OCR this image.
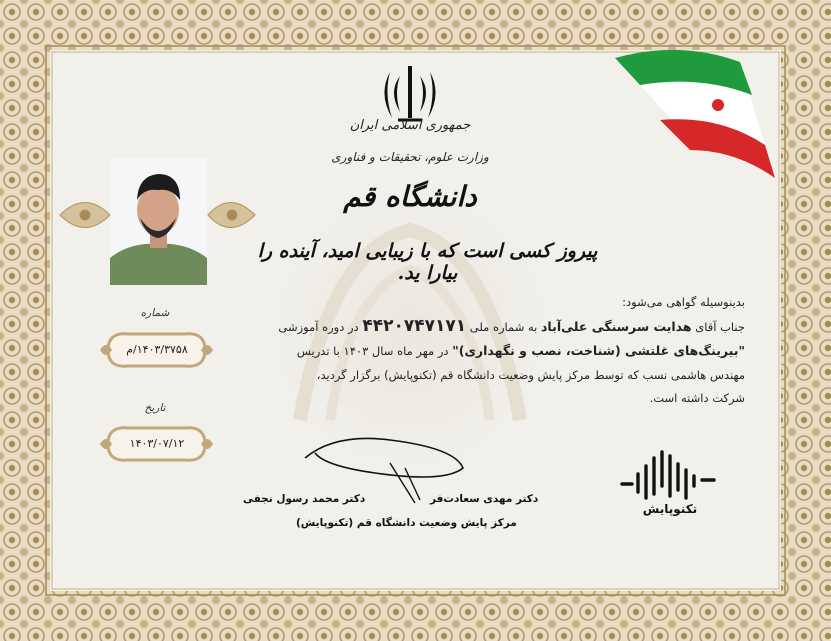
جمهوری اسلامی ایران
وزارت علوم، تحقیقات و فناوری
دانشگاه قم
پیروز کسی است که با زیبایی امید، آینده را بیارا ید.

بدینوسیله گواهی می‌شود:

جناب آقای هدایت سرسنگی علی‌آباد به شماره ملی ۴۴۲۰۷۴۷۱۷۱ در دوره آموزشی

"بیرینگ‌های غلتشی (شناخت، نصب و نگهداری)" در مهر ماه سال ۱۴۰۳ با تدریس

مهندس هاشمی نسب که توسط مرکز پایش وضعیت دانشگاه قم (تکنوپایش) برگزار گردید،

شرکت داشته است.

شماره
۱۴۰۳/۳۷۵۸/م
تاریخ
۱۴۰۳/۰۷/۱۲
دکتر محمد رسول نجفی	دکتر مهدی سعادت‌فر
مرکز پایش وضعیت دانشگاه قم (تکنوپایش)
تکنوپایش
